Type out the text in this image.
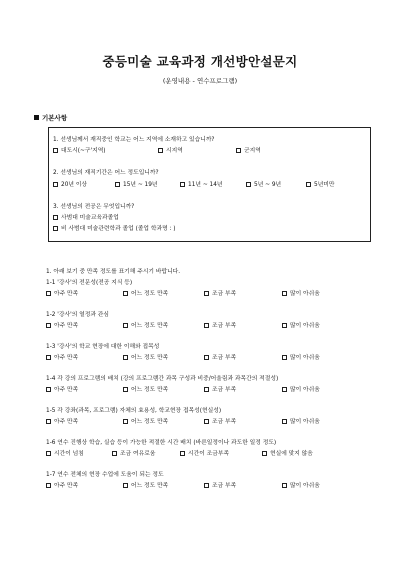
중등미술 교육과정 개선방안설문지
(운영내용 - 연수프로그램)
기본사항
1. 선생님께서 재직중인 학교는 어느 지역에 소재하고 있습니까?
대도시(~구'지역)	시지역	군지역
2. 선생님의 재직기간은 어느 정도입니까?
20년 이상	15년 ~ 19년	11년 ~ 14년	5년 ~ 9년	5년미만
3. 선생님의 전공은 무엇입니까?
사범대 미술교육과졸업
비 사범대 미술관련학과 졸업 (졸업 학과명 : )
1. 아래 보기 중 만족 정도를 표기해 주시기 바랍니다.
1-1 '강사'의 전문성(전공 지식 등)
아주 만족	어느 정도 만족	조금 부족	많이 아쉬움
1-2 '강사'의 열정과 관심
아주 만족	어느 정도 만족	조금 부족	많이 아쉬움
1-3 '강사'의 학교 현장에 대한 이해와 접목성
아주 만족	어느 정도 만족	조금 부족	많이 아쉬움
1-4 각 강의 프로그램의 배치 (강의 프로그램간 과목 구성과 비중/어울림과 과목간의 적절성)
아주 만족	어느 정도 만족	조금 부족	많이 아쉬움
1-5 각 강좌(과목, 프로그램) 자체의 효용성, 학교현장 접목성(현실성)
아주 만족	어느 정도 만족	조금 부족	많이 아쉬움
1-6 연수 진행상 학습, 실습 등이 가능한 적절한 시간 배치 (바른일정이나 과도한 일정 정도)
시간이 넘침	조금 여유로움	시간이 조금부족	현실에 맞지 않음
1-7 연수 전체의 현장 수업에 도움이 되는 정도
아주 만족	어느 정도 만족	조금 부족	많이 아쉬움
